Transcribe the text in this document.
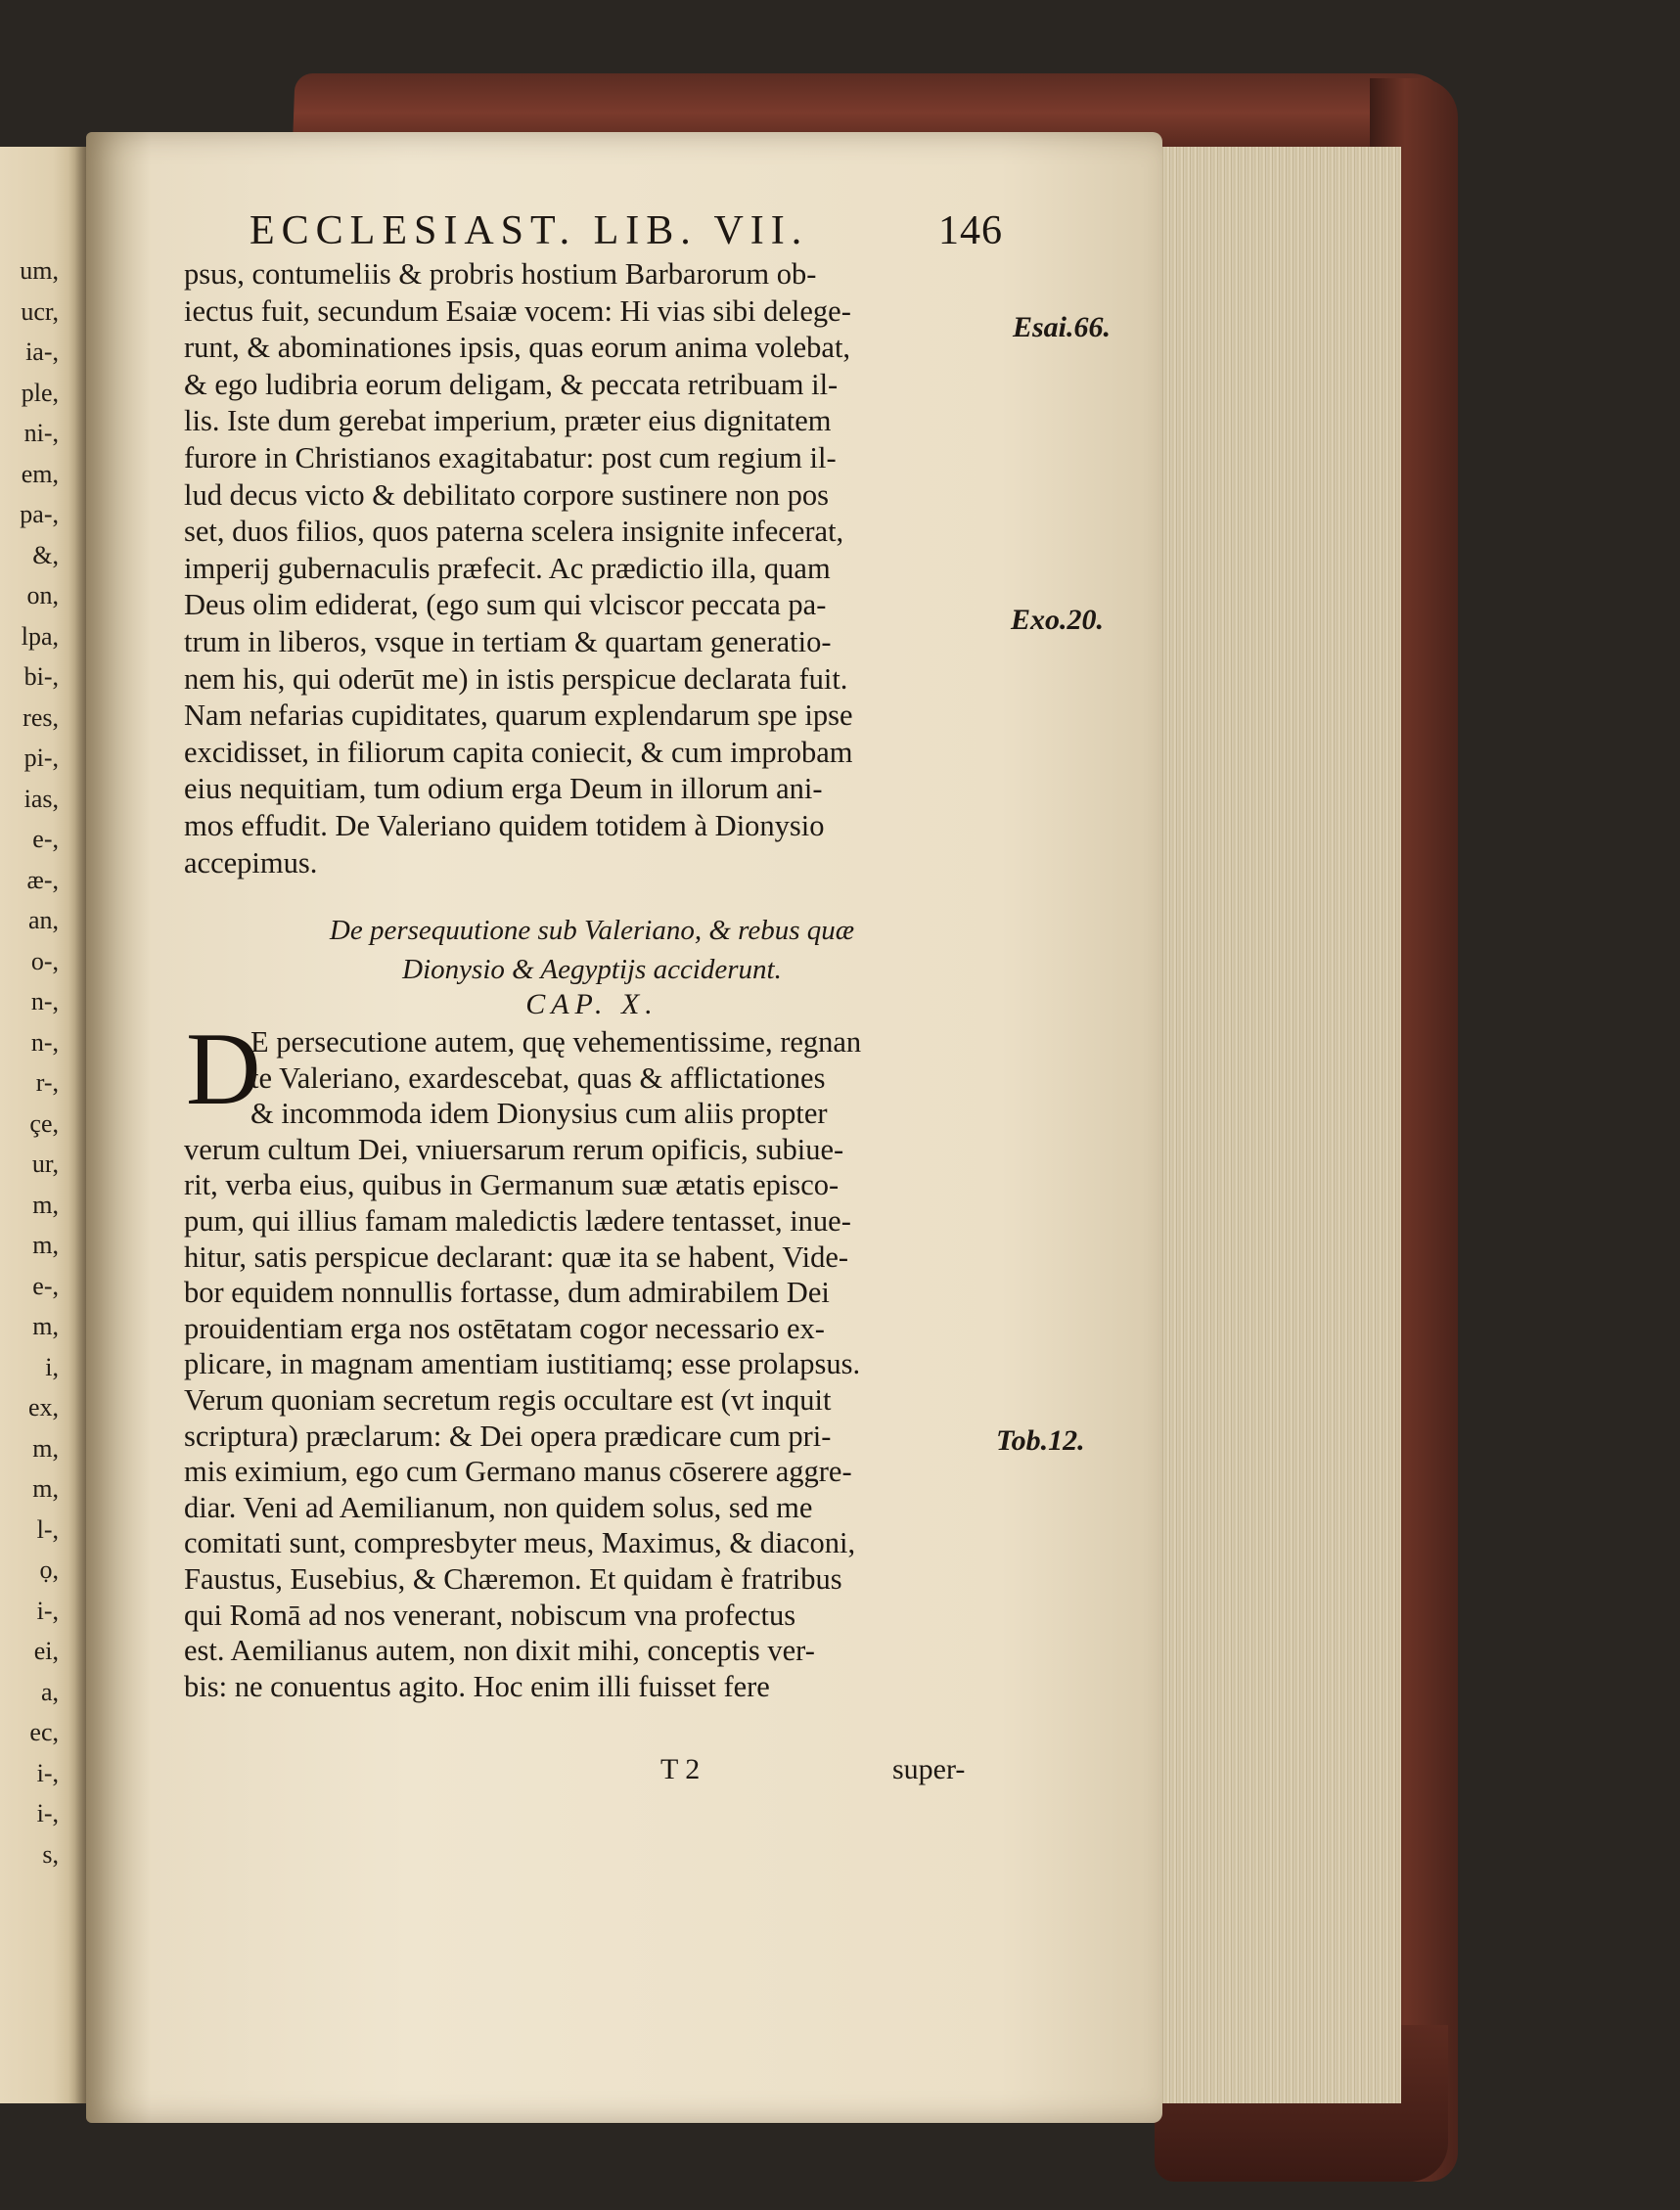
um,
ucr,
ia-,
ple,
ni-,
em,
pa-,
&,
on,
lpa,
bi-,
res,
pi-,
ias,
e-,
æ-,
an,
o-,
n-,
n-,
r-,
çe,
ur,
m,
m,
e-,
m,
i,
ex,
m,
m,
l-,
ọ,
i-,
ei,
a,
ec,
i-,
i-,
s,
ECCLESIAST. LIB. VII.	146
psus, contumeliis & probris hostium Barbarorum ob-
iectus fuit, secundum Esaiæ vocem: Hi vias sibi delege-
runt, & abominationes ipsis, quas eorum anima volebat,
& ego ludibria eorum deligam, & peccata retribuam il-
lis. Iste dum gerebat imperium, præter eius dignitatem
furore in Christianos exagitabatur: post cum regium il-
lud decus victo & debilitato corpore sustinere non pos
set, duos filios, quos paterna scelera insignite infecerat,
imperij gubernaculis præfecit. Ac prædictio illa, quam
Deus olim ediderat, (ego sum qui vlciscor peccata pa-
trum in liberos, vsque in tertiam & quartam generatio-
nem his, qui oderūt me) in istis perspicue declarata fuit.
Nam nefarias cupiditates, quarum explendarum spe ipse
excidisset, in filiorum capita coniecit, & cum improbam
eius nequitiam, tum odium erga Deum in illorum ani-
mos effudit. De Valeriano quidem totidem à Dionysio
accepimus.
De persequutione sub Valeriano, & rebus quæ
Dionysio & Aegyptijs acciderunt.
CAP. X.
D
E persecutione autem, quę vehementissime, regnan
te Valeriano, exardescebat, quas & afflictationes
& incommoda idem Dionysius cum aliis propter
verum cultum Dei, vniuersarum rerum opificis, subiue-
rit, verba eius, quibus in Germanum suæ ætatis episco-
pum, qui illius famam maledictis lædere tentasset, inue-
hitur, satis perspicue declarant: quæ ita se habent, Vide-
bor equidem nonnullis fortasse, dum admirabilem Dei
prouidentiam erga nos ostētatam cogor necessario ex-
plicare, in magnam amentiam iustitiamq; esse prolapsus.
Verum quoniam secretum regis occultare est (vt inquit
scriptura) præclarum: & Dei opera prædicare cum pri-
mis eximium, ego cum Germano manus cōserere aggre-
diar. Veni ad Aemilianum, non quidem solus, sed me
comitati sunt, compresbyter meus, Maximus, & diaconi,
Faustus, Eusebius, & Chæremon. Et quidam è fratribus
qui Romā ad nos venerant, nobiscum vna profectus
est. Aemilianus autem, non dixit mihi, conceptis ver-
bis: ne conuentus agito. Hoc enim illi fuisset fere
Esai.66.
Exo.20.
Tob.12.
T 2	super-
